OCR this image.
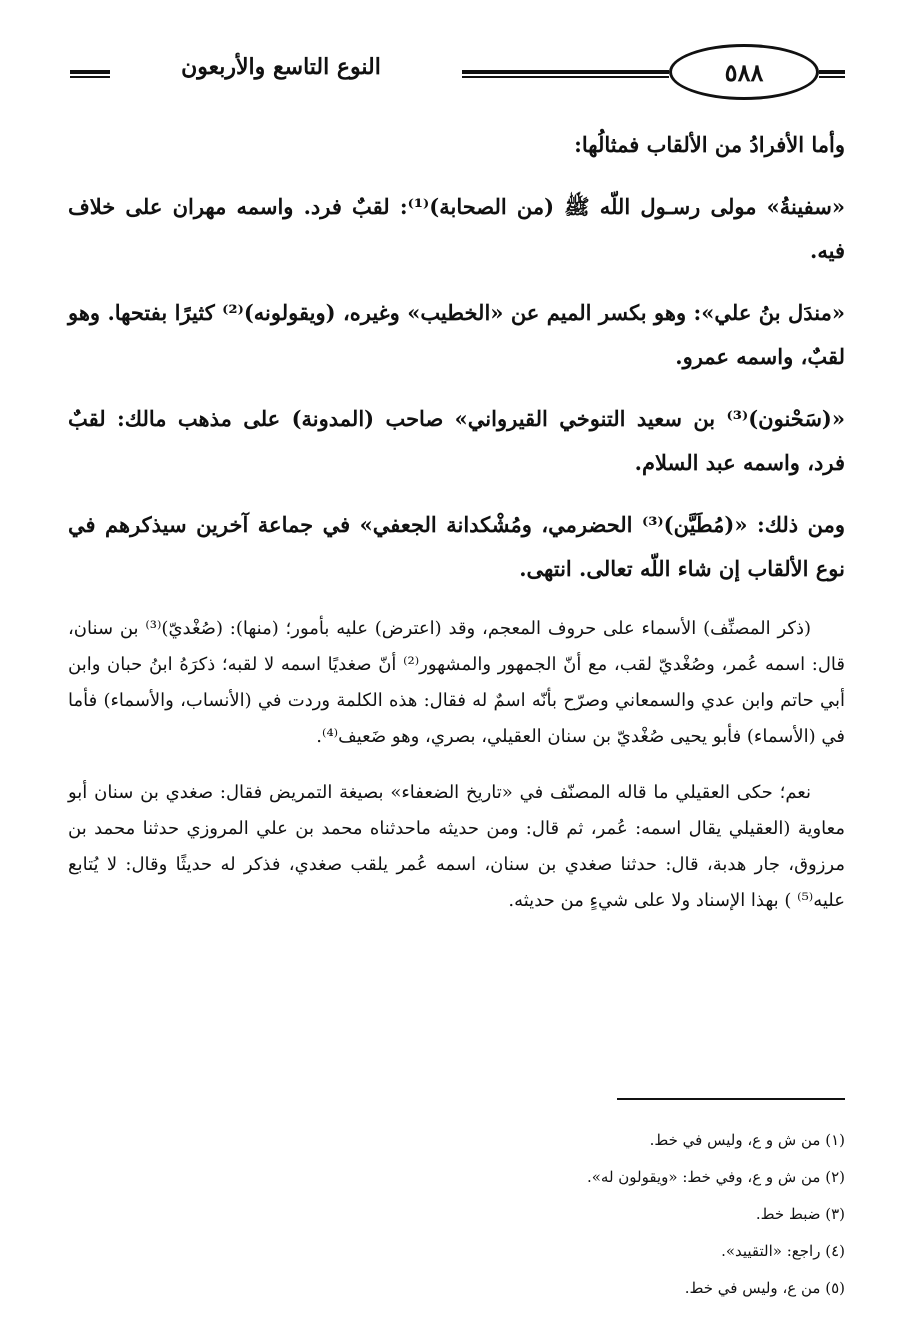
٥٨٨
النوع التاسع والأربعون

وأما الأفرادُ من الألقاب فمثالُها:

«سفينةُ» مولى رسـول اللّه ﷺ (من الصحابة)⁽¹⁾: لقبٌ فرد. واسمه مهران على خلاف فيه.

«مندَل بنُ علي»: وهو بكسر الميم عن «الخطيب» وغيره، (ويقولونه)⁽²⁾ كثيرًا بفتحها. وهو لقبٌ، واسمه عمرو.

«(سَحْنون)⁽³⁾ بن سعيد التنوخي القيرواني» صاحب (المدونة) على مذهب مالك: لقبٌ فرد، واسمه عبد السلام.

ومن ذلك: «(مُطَيَّن)⁽³⁾ الحضرمي، ومُشْكدانة الجعفي» في جماعة آخرين سيذكرهم في نوع الألقاب إن شاء اللّه تعالى. انتهى.

(ذكر المصنِّف) الأسماء على حروف المعجم، وقد (اعترض) عليه بأمور؛ (منها): (صُغْديّ)⁽³⁾ بن سنان، قال: اسمه عُمر، وصُغْديّ لقب، مع أنّ الجمهور والمشهور⁽²⁾ أنّ صغديًا اسمه لا لقبه؛ ذكرَهُ ابنُ حبان وابن أبي حاتم وابن عدي والسمعاني وصرّح بأنّه اسمٌ له فقال: هذه الكلمة وردت في (الأنساب، والأسماء) فأما في (الأسماء) فأبو يحيى صُغْديّ بن سنان العقيلي، بصري، وهو ضَعيف⁽⁴⁾.

نعم؛ حكى العقيلي ما قاله المصنّف في «تاريخ الضعفاء» بصيغة التمريض فقال: صغدي بن سنان أبو معاوية (العقيلي يقال اسمه: عُمر، ثم قال: ومن حديثه ماحدثناه محمد بن علي المروزي حدثنا محمد بن مرزوق، جار هدبة، قال: حدثنا صغدي بن سنان، اسمه عُمر يلقب صغدي، فذكر له حديثًا وقال: لا يُتابع عليه⁽⁵⁾ ) بهذا الإسناد ولا على شيءٍ من حديثه.

(١) من ش و ع، وليس في خط.

(٢) من ش و ع، وفي خط: «ويقولون له».

(٣) ضبط خط.

(٤) راجع: «التقييد».

(٥) من ع، وليس في خط.
